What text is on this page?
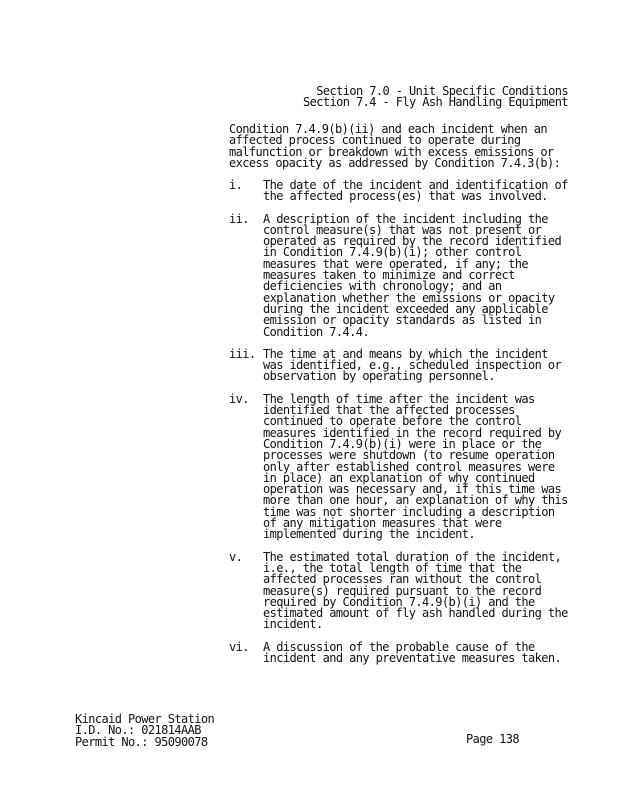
Section 7.0 - Unit Specific Conditions
Section 7.4 - Fly Ash Handling Equipment
Condition 7.4.9(b)(ii) and each incident when an affected process continued to operate during malfunction or breakdown with excess emissions or excess opacity as addressed by Condition 7.4.3(b):
i.	The date of the incident and identification of the affected process(es) that was involved.
ii.	A description of the incident including the control measure(s) that was not present or operated as required by the record identified in Condition 7.4.9(b)(i); other control measures that were operated, if any; the measures taken to minimize and correct deficiencies with chronology; and an explanation whether the emissions or opacity during the incident exceeded any applicable emission or opacity standards as listed in Condition 7.4.4.
iii. The time at and means by which the incident was identified, e.g., scheduled inspection or observation by operating personnel.
iv.	The length of time after the incident was identified that the affected processes continued to operate before the control measures identified in the record required by Condition 7.4.9(b)(i) were in place or the processes were shutdown (to resume operation only after established control measures were in place) an explanation of why continued operation was necessary and, if this time was more than one hour, an explanation of why this time was not shorter including a description of any mitigation measures that were implemented during the incident.
v.	The estimated total duration of the incident, i.e., the total length of time that the affected processes ran without the control measure(s) required pursuant to the record required by Condition 7.4.9(b)(i) and the estimated amount of fly ash handled during the incident.
vi.	A discussion of the probable cause of the incident and any preventative measures taken.
Kincaid Power Station
I.D. No.: 021814AAB
Permit No.: 95090078	Page 138
